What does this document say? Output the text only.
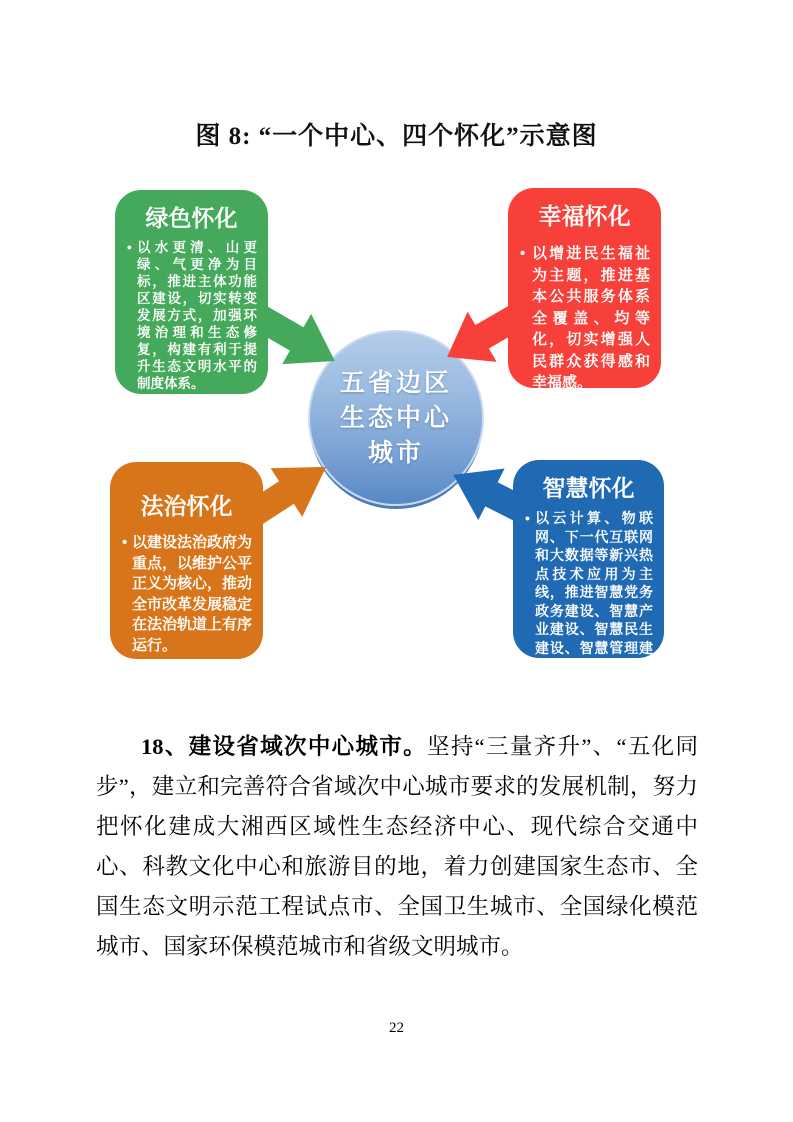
图 8: “一个中心、四个怀化”示意图
五省边区
生态中心
城市
绿色怀化
• 以水更清、山更绿、气更净为目标，推进主体功能区建设，切实转变发展方式，加强环境治理和生态修复，构建有利于提升生态文明水平的制度体系。
幸福怀化
• 以增进民生福祉为主题，推进基本公共服务体系全覆盖、均等化，切实增强人民群众获得感和幸福感。
法治怀化
• 以建设法治政府为重点，以维护公平正义为核心，推动全市改革发展稳定在法治轨道上有序运行。
智慧怀化
• 以云计算、物联网、下一代互联网和大数据等新兴热点技术应用为主线，推进智慧党务政务建设、智慧产业建设、智慧民生建设、智慧管理建设。

18、建设省域次中心城市。坚持“三量齐升”、“五化同步”，建立和完善符合省域次中心城市要求的发展机制，努力把怀化建成大湘西区域性生态经济中心、现代综合交通中心、科教文化中心和旅游目的地，着力创建国家生态市、全国生态文明示范工程试点市、全国卫生城市、全国绿化模范城市、国家环保模范城市和省级文明城市。

22
